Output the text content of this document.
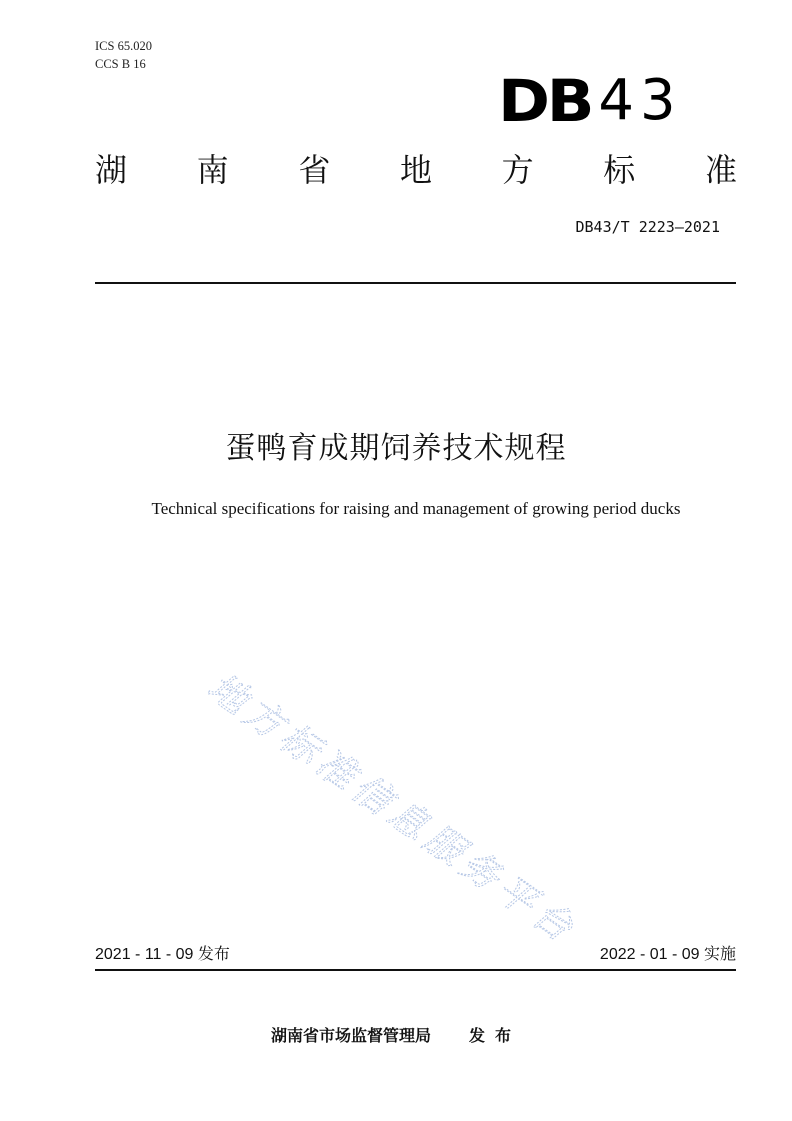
ICS 65.020
CCS B 16
DB 43
湖 南 省 地 方 标 准
DB43/T 2223—2021
蛋鸭育成期饲养技术规程
Technical specifications for raising and management of growing period ducks
地方标准信息服务平台
2021 - 11 - 09 发布	2022 - 01 - 09 实施
湖南省市场监督管理局 发布
